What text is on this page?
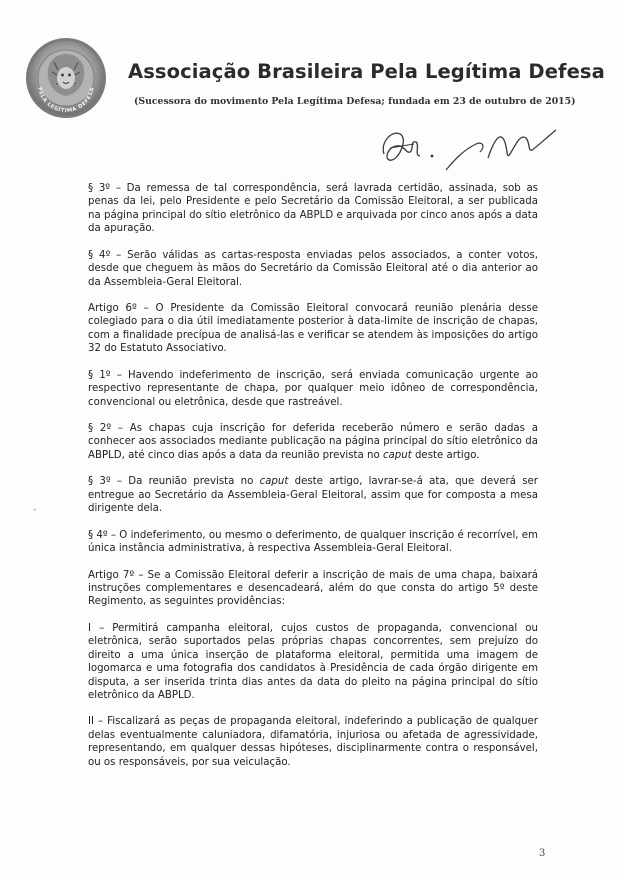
PELA LEGÍTIMA DEFESA
Associação Brasileira Pela Legítima Defesa
(Sucessora do movimento Pela Legítima Defesa; fundada em 23 de outubro de 2015)

§ 3º – Da remessa de tal correspondência, será lavrada certidão, assinada, sob as penas da lei, pelo Presidente e pelo Secretário da Comissão Eleitoral, a ser publicada na página principal do sítio eletrônico da ABPLD e arquivada por cinco anos após a data da apuração.

§ 4º – Serão válidas as cartas-resposta enviadas pelos associados, a conter votos, desde que cheguem às mãos do Secretário da Comissão Eleitoral até o dia anterior ao da Assembleia-Geral Eleitoral.

Artigo 6º – O Presidente da Comissão Eleitoral convocará reunião plenária desse colegiado para o dia útil imediatamente posterior à data-limite de inscrição de chapas, com a finalidade precípua de analisá-las e verificar se atendem às imposições do artigo 32 do Estatuto Associativo.

§ 1º – Havendo indeferimento de inscrição, será enviada comunicação urgente ao respectivo representante de chapa, por qualquer meio idôneo de correspondência, convencional ou eletrônica, desde que rastreável.

§ 2º – As chapas cuja inscrição for deferida receberão número e serão dadas a conhecer aos associados mediante publicação na página principal do sítio eletrônico da ABPLD, até cinco dias após a data da reunião prevista no caput deste artigo.

§ 3º – Da reunião prevista no caput deste artigo, lavrar-se-á ata, que deverá ser entregue ao Secretário da Assembleia-Geral Eleitoral, assim que for composta a mesa dirigente dela.

§ 4º – O indeferimento, ou mesmo o deferimento, de qualquer inscrição é recorrível, em única instância administrativa, à respectiva Assembleia-Geral Eleitoral.

Artigo 7º – Se a Comissão Eleitoral deferir a inscrição de mais de uma chapa, baixará instruções complementares e desencadeará, além do que consta do artigo 5º deste Regimento, as seguintes providências:

I – Permitirá campanha eleitoral, cujos custos de propaganda, convencional ou eletrônica, serão suportados pelas próprias chapas concorrentes, sem prejuízo do direito a uma única inserção de plataforma eleitoral, permitida uma imagem de logomarca e uma fotografia dos candidatos à Presidência de cada órgão dirigente em disputa, a ser inserida trinta dias antes da data do pleito na página principal do sítio eletrônico da ABPLD.

II – Fiscalizará as peças de propaganda eleitoral, indeferindo a publicação de qualquer delas eventualmente caluniadora, difamatória, injuriosa ou afetada de agressividade, representando, em qualquer dessas hipóteses, disciplinarmente contra o responsável, ou os responsáveis, por sua veiculação.

°
3
